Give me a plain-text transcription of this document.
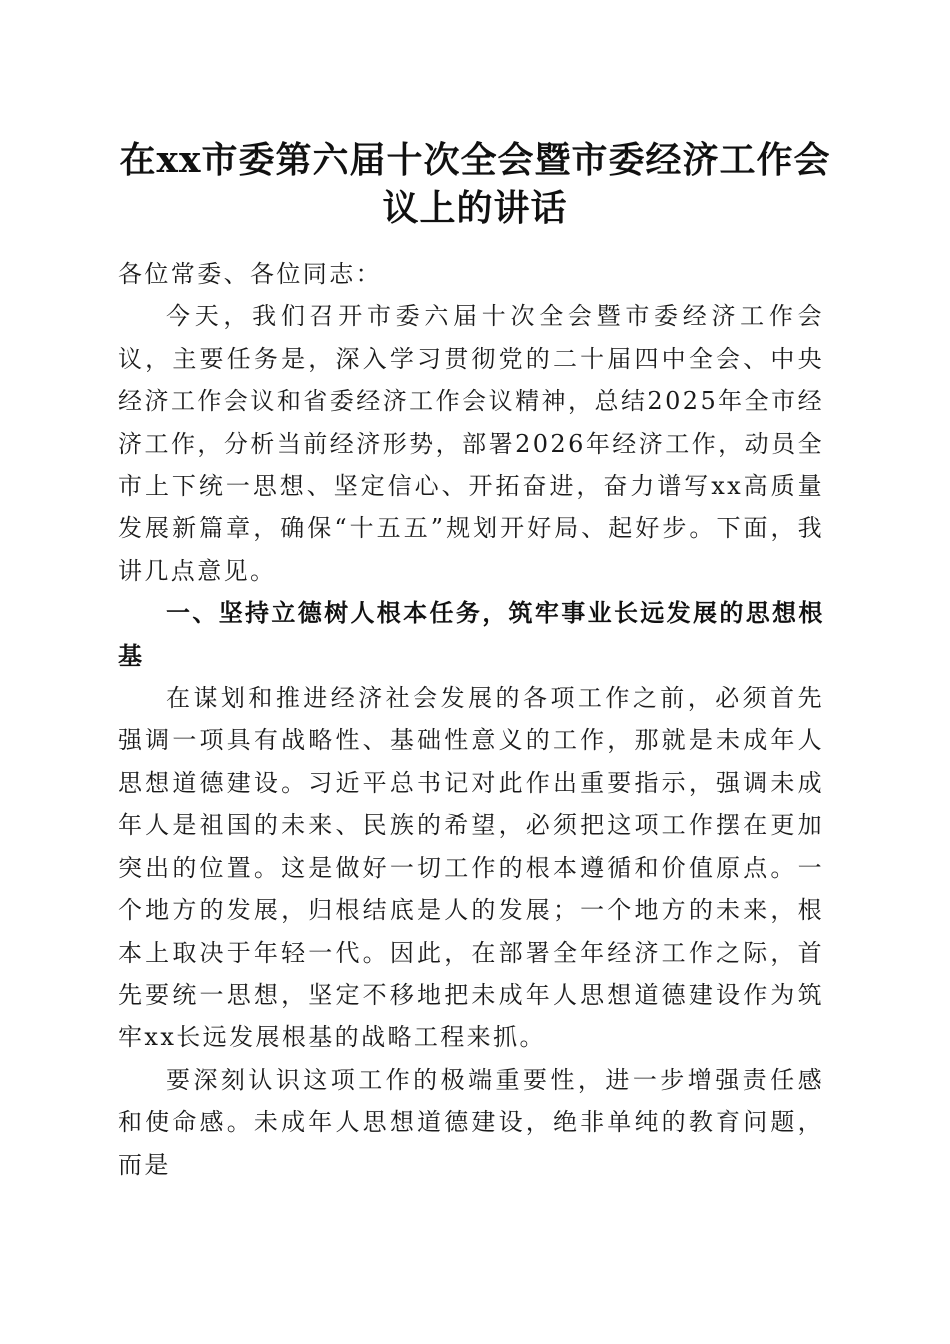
在xx市委第六届十次全会暨市委经济工作会议上的讲话

各位常委、各位同志：

今天，我们召开市委六届十次全会暨市委经济工作会议，主要任务是，深入学习贯彻党的二十届四中全会、中央经济工作会议和省委经济工作会议精神，总结2025年全市经济工作，分析当前经济形势，部署2026年经济工作，动员全市上下统一思想、坚定信心、开拓奋进，奋力谱写xx高质量发展新篇章，确保“十五五”规划开好局、起好步。下面，我讲几点意见。

一、坚持立德树人根本任务，筑牢事业长远发展的思想根基

在谋划和推进经济社会发展的各项工作之前，必须首先强调一项具有战略性、基础性意义的工作，那就是未成年人思想道德建设。习近平总书记对此作出重要指示，强调未成年人是祖国的未来、民族的希望，必须把这项工作摆在更加突出的位置。这是做好一切工作的根本遵循和价值原点。一个地方的发展，归根结底是人的发展；一个地方的未来，根本上取决于年轻一代。因此，在部署全年经济工作之际，首先要统一思想，坚定不移地把未成年人思想道德建设作为筑牢xx长远发展根基的战略工程来抓。

要深刻认识这项工作的极端重要性，进一步增强责任感和使命感。未成年人思想道德建设，绝非单纯的教育问题，而是
